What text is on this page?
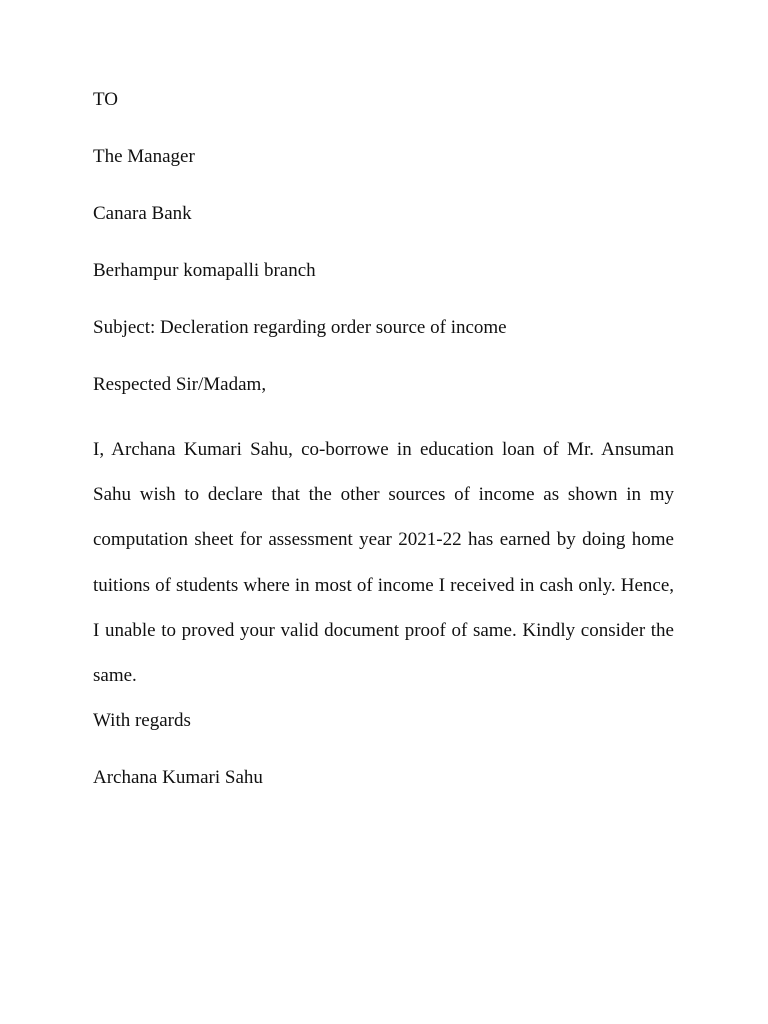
TO
The Manager
Canara Bank
Berhampur komapalli branch
Subject: Decleration regarding order source of income
Respected Sir/Madam,
I, Archana Kumari Sahu, co-borrowe in education loan of Mr. Ansuman Sahu wish to declare that the other sources of income as shown in my computation sheet for assessment year 2021-22 has earned by doing home tuitions of students where in most of income I received in cash only. Hence, I unable to proved your valid document proof of same. Kindly consider the same.
With regards
Archana Kumari Sahu
